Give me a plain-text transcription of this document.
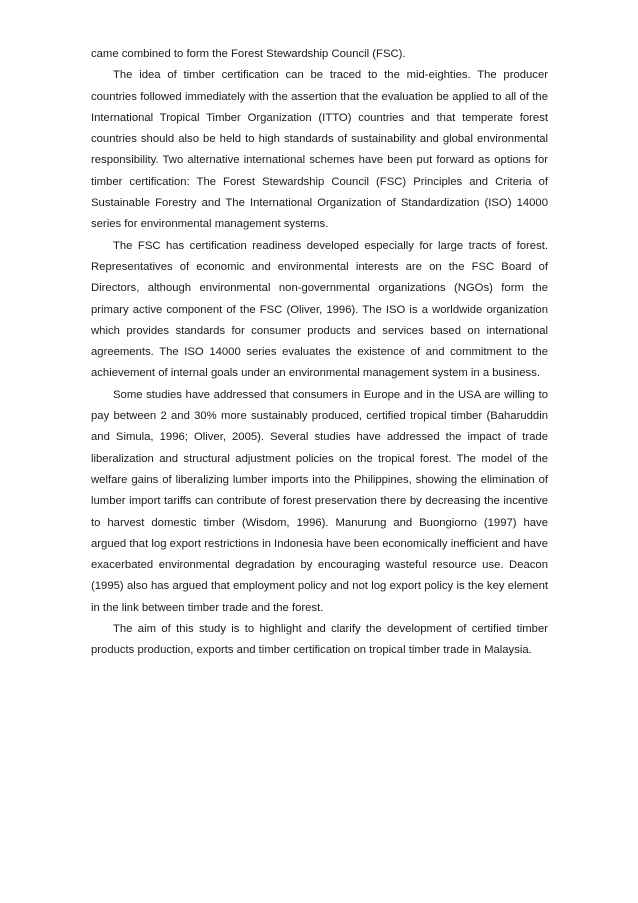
came combined to form the Forest Stewardship Council (FSC).

The idea of timber certification can be traced to the mid-eighties. The producer countries followed immediately with the assertion that the evaluation be applied to all of the International Tropical Timber Organization (ITTO) countries and that temperate forest countries should also be held to high standards of sustainability and global environmental responsibility. Two alternative international schemes have been put forward as options for timber certification: The Forest Stewardship Council (FSC) Principles and Criteria of Sustainable Forestry and The International Organization of Standardization (ISO) 14000 series for environmental management systems.

The FSC has certification readiness developed especially for large tracts of forest. Representatives of economic and environmental interests are on the FSC Board of Directors, although environmental non-governmental organizations (NGOs) form the primary active component of the FSC (Oliver, 1996). The ISO is a worldwide organization which provides standards for consumer products and services based on international agreements. The ISO 14000 series evaluates the existence of and commitment to the achievement of internal goals under an environmental management system in a business.

Some studies have addressed that consumers in Europe and in the USA are willing to pay between 2 and 30% more sustainably produced, certified tropical timber (Baharuddin and Simula, 1996; Oliver, 2005). Several studies have addressed the impact of trade liberalization and structural adjustment policies on the tropical forest. The model of the welfare gains of liberalizing lumber imports into the Philippines, showing the elimination of lumber import tariffs can contribute of forest preservation there by decreasing the incentive to harvest domestic timber (Wisdom, 1996). Manurung and Buongiorno (1997) have argued that log export restrictions in Indonesia have been economically inefficient and have exacerbated environmental degradation by encouraging wasteful resource use. Deacon (1995) also has argued that employment policy and not log export policy is the key element in the link between timber trade and the forest.

The aim of this study is to highlight and clarify the development of certified timber products production, exports and timber certification on tropical timber trade in Malaysia.
